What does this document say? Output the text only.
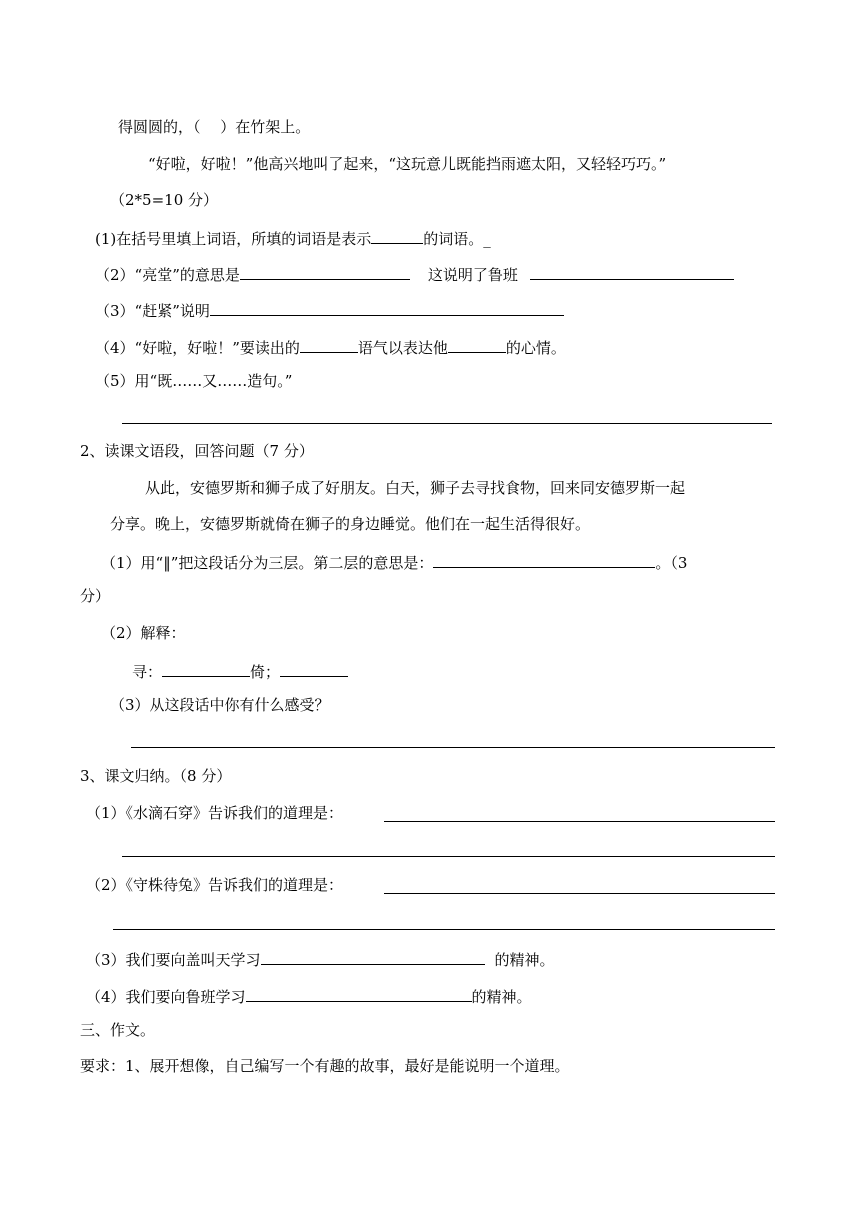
得圆圆的，（　 ）在竹架上。
“好啦，好啦！”他高兴地叫了起来，“这玩意儿既能挡雨遮太阳，又轻轻巧巧。”
（2*5=10 分）
(1)在括号里填上词语，所填的词语是表示	的词语。_
（2）“亮堂”的意思是	这说明了鲁班
（3）“赶紧”说明
（4）“好啦，好啦！”要读出的	语气以表达他	的心情。
（5）用“既……又……造句。”
2、读课文语段，回答问题（7 分）
从此，安德罗斯和狮子成了好朋友。白天，狮子去寻找食物，回来同安德罗斯一起
分享。晚上，安德罗斯就倚在狮子的身边睡觉。他们在一起生活得很好。
（1）用“‖”把这段话分为三层。第二层的意思是：	。（3
分）
（2）解释：
寻：	倚；
（3）从这段话中你有什么感受？
3、课文归纳。（8 分）
（1）《水滴石穿》告诉我们的道理是：
（2）《守株待兔》告诉我们的道理是：
（3）我们要向盖叫天学习	的精神。
（4）我们要向鲁班学习	的精神。
三、作文。
要求：1、展开想像，自己编写一个有趣的故事，最好是能说明一个道理。
